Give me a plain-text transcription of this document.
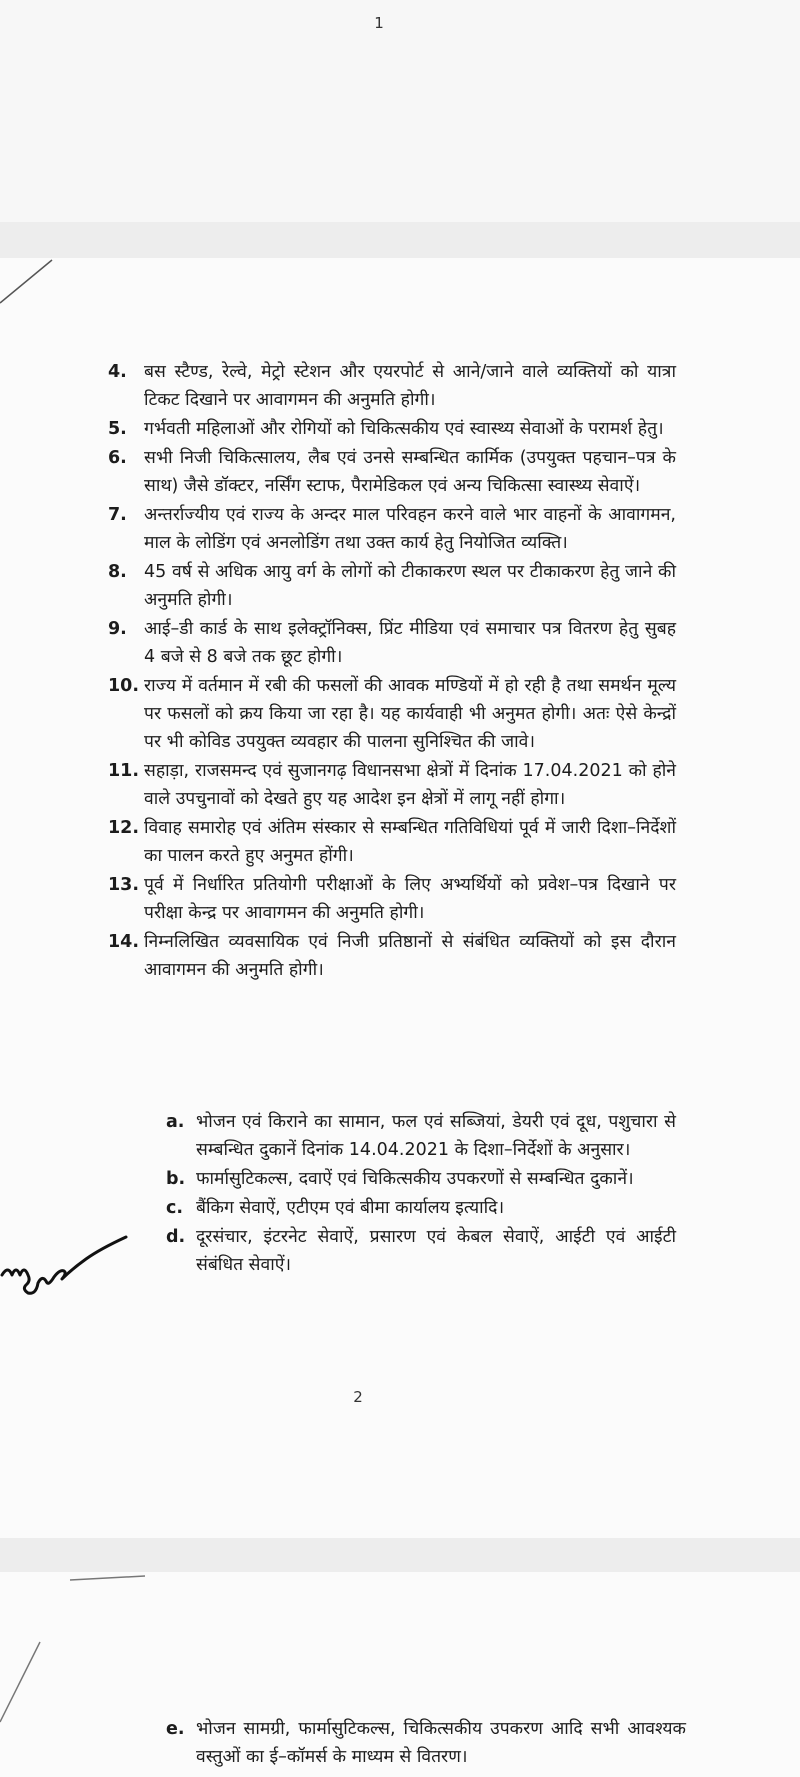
1
4. बस स्टैण्ड, रेल्वे, मेट्रो स्टेशन और एयरपोर्ट से आने/जाने वाले व्यक्तियों को यात्रा टिकट दिखाने पर आवागमन की अनुमति होगी।
5. गर्भवती महिलाओं और रोगियों को चिकित्सकीय एवं स्वास्थ्य सेवाओं के परामर्श हेतु।
6. सभी निजी चिकित्सालय, लैब एवं उनसे सम्बन्धित कार्मिक (उपयुक्त पहचान–पत्र के साथ) जैसे डॉक्टर, नर्सिंग स्टाफ, पैरामेडिकल एवं अन्य चिकित्सा स्वास्थ्य सेवाऐं।
7. अन्तर्राज्यीय एवं राज्य के अन्दर माल परिवहन करने वाले भार वाहनों के आवागमन, माल के लोडिंग एवं अनलोडिंग तथा उक्त कार्य हेतु नियोजित व्यक्ति।
8. 45 वर्ष से अधिक आयु वर्ग के लोगों को टीकाकरण स्थल पर टीकाकरण हेतु जाने की अनुमति होगी।
9. आई–डी कार्ड के साथ इलेक्ट्रॉनिक्स, प्रिंट मीडिया एवं समाचार पत्र वितरण हेतु सुबह 4 बजे से 8 बजे तक छूट होगी।
10. राज्य में वर्तमान में रबी की फसलों की आवक मण्डियों में हो रही है तथा समर्थन मूल्य पर फसलों को क्रय किया जा रहा है। यह कार्यवाही भी अनुमत होगी। अतः ऐसे केन्द्रों पर भी कोविड उपयुक्त व्यवहार की पालना सुनिश्चित की जावे।
11. सहाड़ा, राजसमन्द एवं सुजानगढ़ विधानसभा क्षेत्रों में दिनांक 17.04.2021 को होने वाले उपचुनावों को देखते हुए यह आदेश इन क्षेत्रों में लागू नहीं होगा।
12. विवाह समारोह एवं अंतिम संस्कार से सम्बन्धित गतिविधियां पूर्व में जारी दिशा–निर्देशों का पालन करते हुए अनुमत होंगी।
13. पूर्व में निर्धारित प्रतियोगी परीक्षाओं के लिए अभ्यर्थियों को प्रवेश–पत्र दिखाने पर परीक्षा केन्द्र पर आवागमन की अनुमति होगी।
14. निम्नलिखित व्यवसायिक एवं निजी प्रतिष्ठानों से संबंधित व्यक्तियों को इस दौरान आवागमन की अनुमति होगी।
a. भोजन एवं किराने का सामान, फल एवं सब्जियां, डेयरी एवं दूध, पशुचारा से सम्बन्धित दुकानें दिनांक 14.04.2021 के दिशा–निर्देशों के अनुसार।
b. फार्मासुटिकल्स, दवाऐं एवं चिकित्सकीय उपकरणों से सम्बन्धित दुकानें।
c. बैंकिग सेवाऐं, एटीएम एवं बीमा कार्यालय इत्यादि।
d. दूरसंचार, इंटरनेट सेवाऐं, प्रसारण एवं केबल सेवाऐं, आईटी एवं आईटी संबंधित सेवाऐं।
2
e. भोजन सामग्री, फार्मासुटिकल्स, चिकित्सकीय उपकरण आदि सभी आवश्यक वस्तुओं का ई–कॉमर्स के माध्यम से वितरण।
